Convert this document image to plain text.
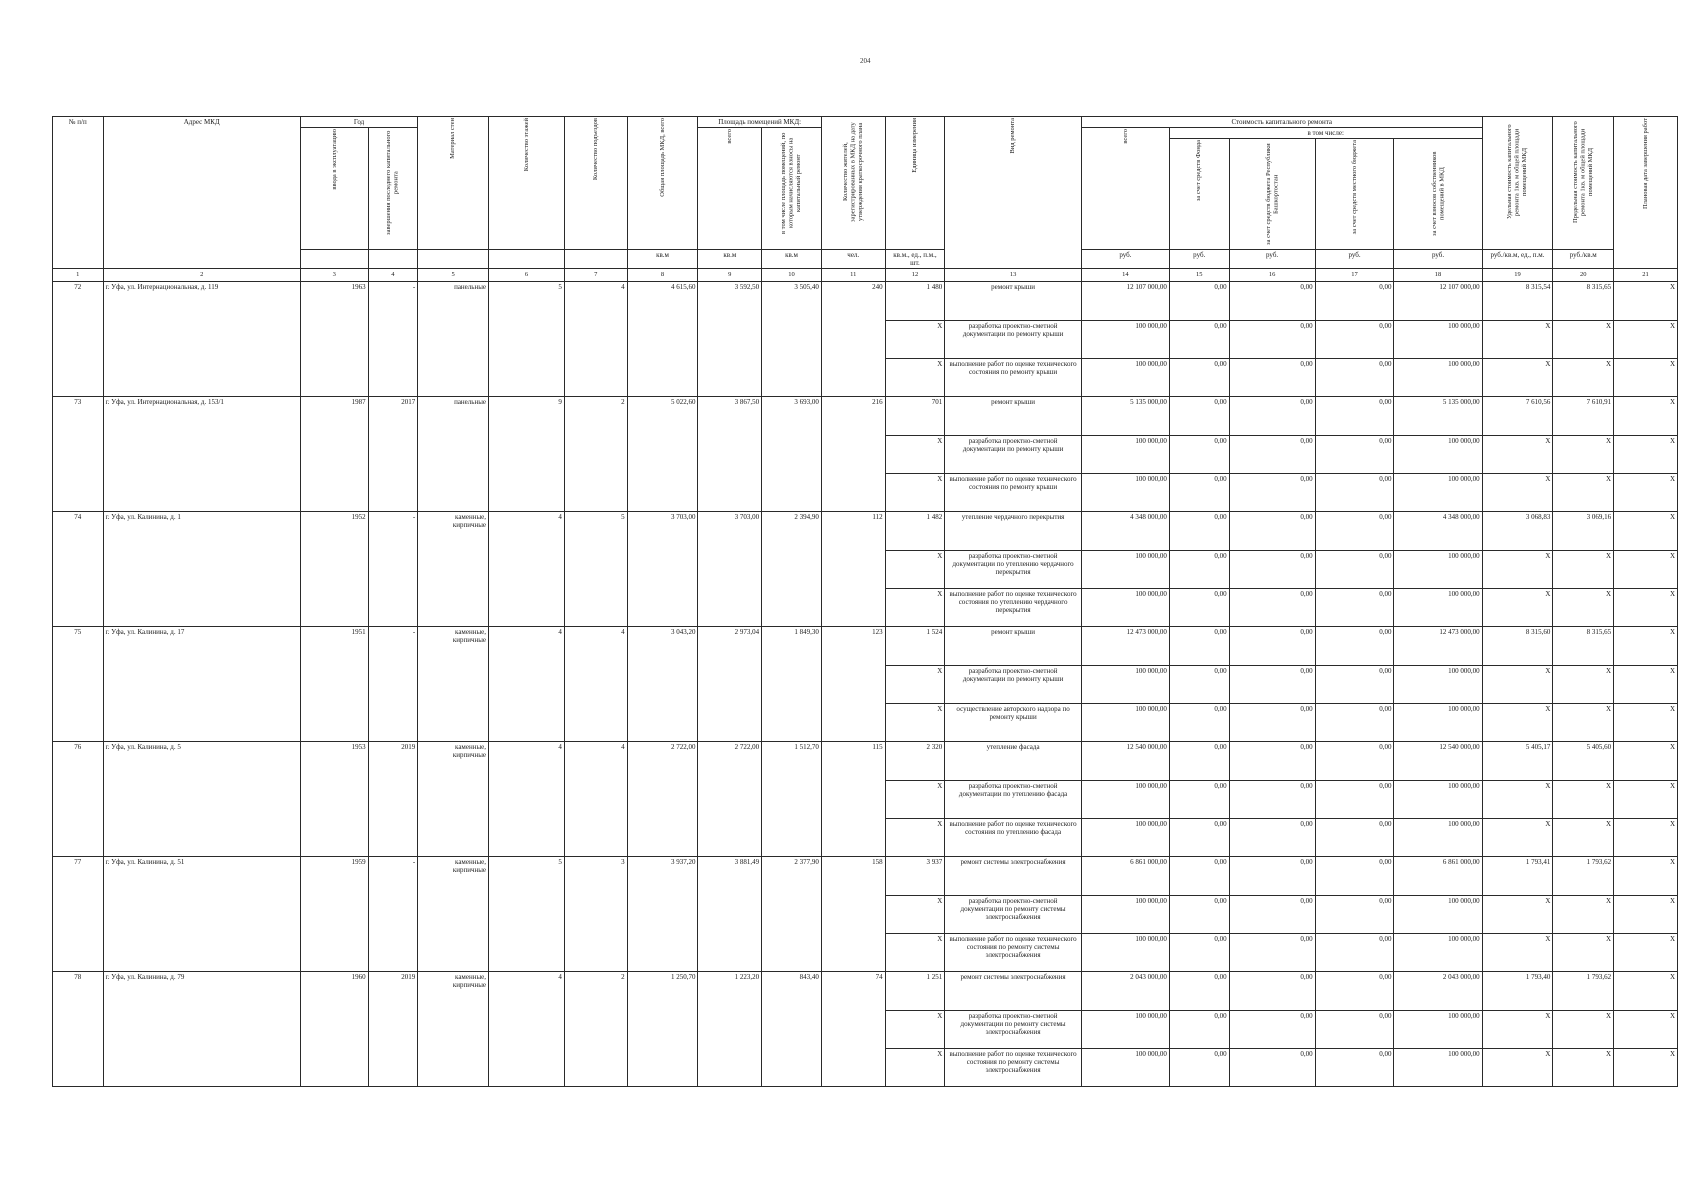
204
№ п/п	Адрес МКД	Год		Материал стен	Количество этажей	Количество подъездов	Общая площадь МКД, всего	Площадь помещений МКД:		Количество жителей, зарегистрированных в МКД на дату утверждения краткосрочного плана	Единица измерения	Вид ремонта	Стоимость капитального ремонта					Удельная стоимость капитального ремонта 1кв. м общей площади помещений МКД	Предельная стоимость капитального ремонта 1кв. м общей площади помещений МКД	Плановая дата завершения работ

		ввода в эксплуатацию	завершения последнего капитального ремонта					всего	в том числе площадь помещений, по которым начисляются взносы на капитальный ремонт				всего	в том числе:						

														за счет средств Фонда	за счет средств бюджета Республики Башкортостан	за счет средств местного бюджета	за счет взносов собственников помещений в МКД			

							кв.м	кв.м	кв.м	чел.	кв.м., ед., п.м., шт.		руб.	руб.	руб.	руб.	руб.	руб./кв.м, ед., п.м.	руб./кв.м	
1	2	3	4	5	6	7	8	9	10	11	12	13	14	15	16	17	18	19	20	21
72	г. Уфа, ул. Интернациональная, д. 119	1963	-	панельные	5	4	4 615,60	3 592,50	3 505,40	240	1 480	ремонт крыши	12 107 000,00	0,00	0,00	0,00	12 107 000,00	8 315,54	8 315,65	X
											X	разработка проектно-сметной документации по ремонту крыши	100 000,00	0,00	0,00	0,00	100 000,00	X	X	X
											X	выполнение работ по оценке технического состояния по ремонту крыши	100 000,00	0,00	0,00	0,00	100 000,00	X	X	X
73	г. Уфа, ул. Интернациональная, д. 153/1	1987	2017	панельные	9	2	5 022,60	3 867,50	3 693,00	216	701	ремонт крыши	5 135 000,00	0,00	0,00	0,00	5 135 000,00	7 610,56	7 610,91	X
											X	разработка проектно-сметной документации по ремонту крыши	100 000,00	0,00	0,00	0,00	100 000,00	X	X	X
											X	выполнение работ по оценке технического состояния по ремонту крыши	100 000,00	0,00	0,00	0,00	100 000,00	X	X	X
74	г. Уфа, ул. Калинина, д. 1	1952	-	каменные, кирпичные	4	5	3 703,00	3 703,00	2 394,90	112	1 482	утепление чердачного перекрытия	4 348 000,00	0,00	0,00	0,00	4 348 000,00	3 068,83	3 069,16	X
											X	разработка проектно-сметной документации по утеплению чердачного перекрытия	100 000,00	0,00	0,00	0,00	100 000,00	X	X	X
											X	выполнение работ по оценке технического состояния по утеплению чердачного перекрытия	100 000,00	0,00	0,00	0,00	100 000,00	X	X	X
75	г. Уфа, ул. Калинина, д. 17	1951	-	каменные, кирпичные	4	4	3 043,20	2 973,04	1 849,30	123	1 524	ремонт крыши	12 473 000,00	0,00	0,00	0,00	12 473 000,00	8 315,60	8 315,65	X
											X	разработка проектно-сметной документации по ремонту крыши	100 000,00	0,00	0,00	0,00	100 000,00	X	X	X
											X	осуществление авторского надзора по ремонту крыши	100 000,00	0,00	0,00	0,00	100 000,00	X	X	X
76	г. Уфа, ул. Калинина, д. 5	1953	2019	каменные, кирпичные	4	4	2 722,00	2 722,00	1 512,70	115	2 320	утепление фасада	12 540 000,00	0,00	0,00	0,00	12 540 000,00	5 405,17	5 405,60	X
											X	разработка проектно-сметной документации по утеплению фасада	100 000,00	0,00	0,00	0,00	100 000,00	X	X	X
											X	выполнение работ по оценке технического состояния по утеплению фасада	100 000,00	0,00	0,00	0,00	100 000,00	X	X	X
77	г. Уфа, ул. Калинина, д. 51	1959	-	каменные, кирпичные	5	3	3 937,20	3 881,49	2 377,90	158	3 937	ремонт системы электроснабжения	6 861 000,00	0,00	0,00	0,00	6 861 000,00	1 793,41	1 793,62	X
											X	разработка проектно-сметной документации по ремонту системы электроснабжения	100 000,00	0,00	0,00	0,00	100 000,00	X	X	X
											X	выполнение работ по оценке технического состояния по ремонту системы электроснабжения	100 000,00	0,00	0,00	0,00	100 000,00	X	X	X
78	г. Уфа, ул. Калинина, д. 79	1960	2019	каменные, кирпичные	4	2	1 250,70	1 223,20	843,40	74	1 251	ремонт системы электроснабжения	2 043 000,00	0,00	0,00	0,00	2 043 000,00	1 793,40	1 793,62	X
											X	разработка проектно-сметной документации по ремонту системы электроснабжения	100 000,00	0,00	0,00	0,00	100 000,00	X	X	X
											X	выполнение работ по оценке технического состояния по ремонту системы электроснабжения	100 000,00	0,00	0,00	0,00	100 000,00	X	X	X
